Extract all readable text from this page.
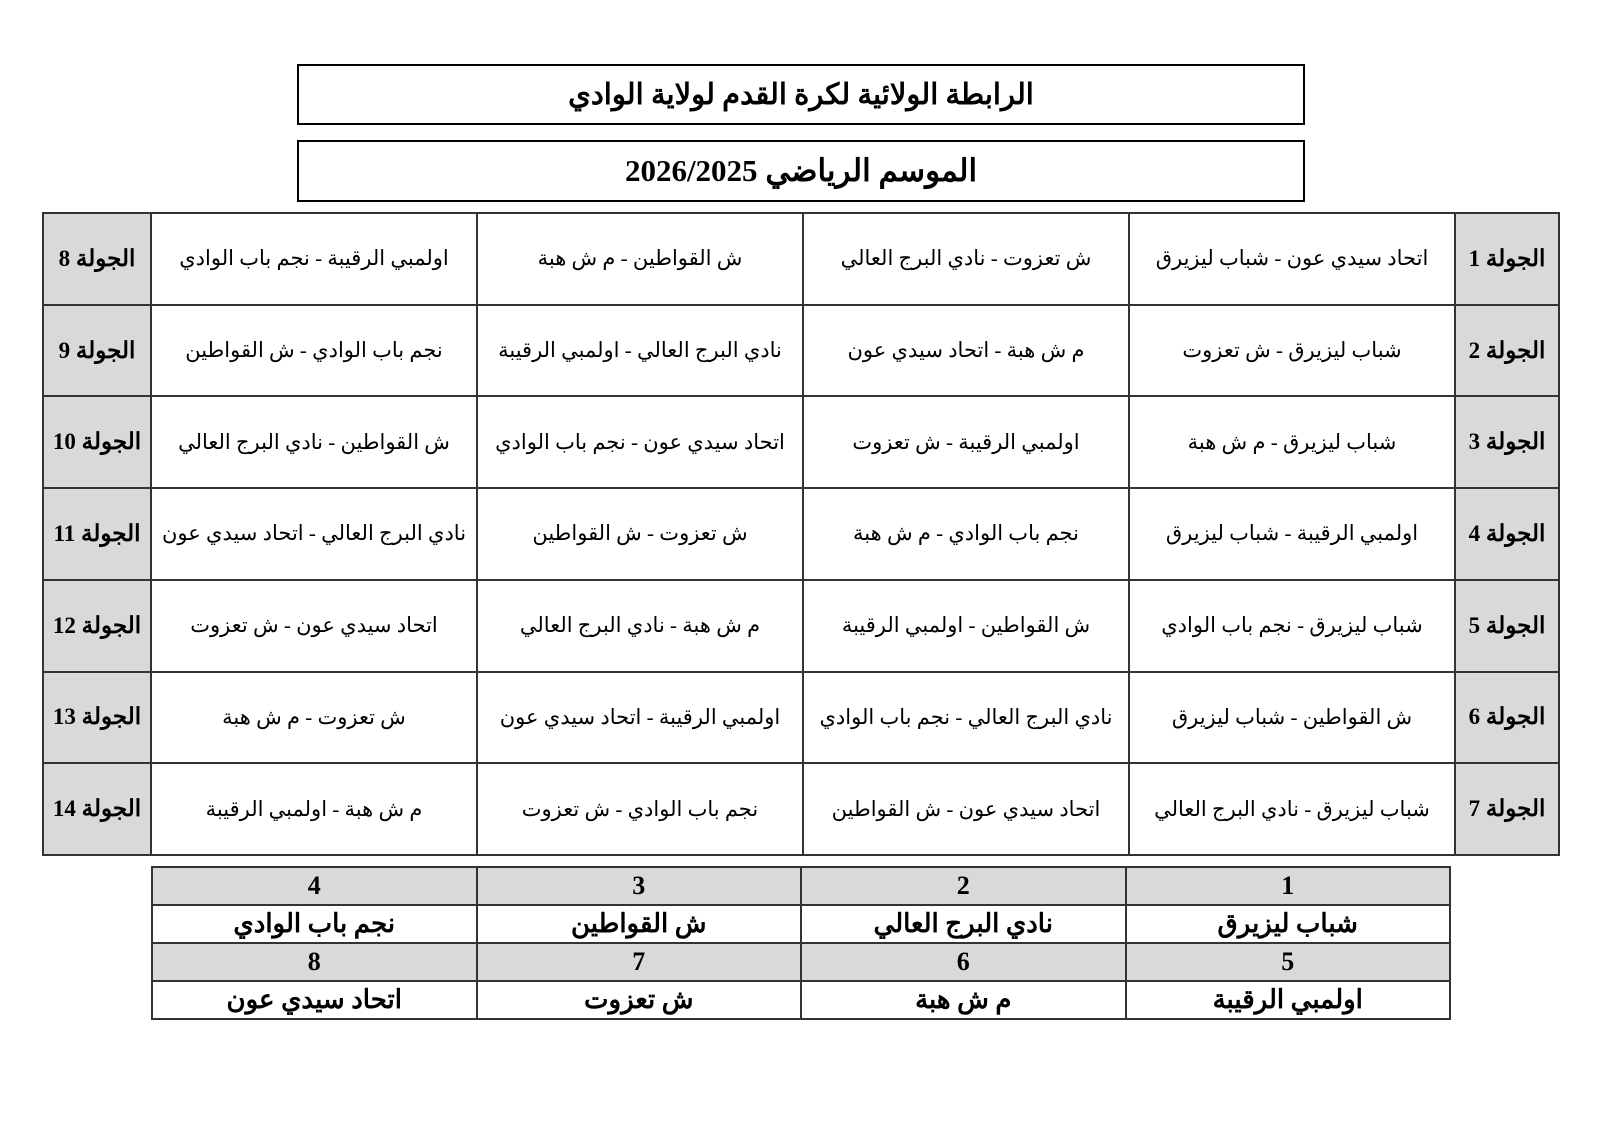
الرابطة الولائية لكرة القدم لولاية الوادي
الموسم الرياضي 2026/2025
الجولة 8	اولمبي الرقيبة - نجم باب الوادي	ش القواطين - م ش هبة	ش تعزوت - نادي البرج العالي	اتحاد سيدي عون - شباب ليزيرق	الجولة 1
الجولة 9	نجم باب الوادي - ش القواطين	نادي البرج العالي - اولمبي الرقيبة	م ش هبة - اتحاد سيدي عون	شباب ليزيرق - ش تعزوت	الجولة 2
الجولة 10	ش القواطين - نادي البرج العالي	اتحاد سيدي عون - نجم باب الوادي	اولمبي الرقيبة - ش تعزوت	شباب ليزيرق - م ش هبة	الجولة 3
الجولة 11	نادي البرج العالي - اتحاد سيدي عون	ش تعزوت - ش القواطين	نجم باب الوادي - م ش هبة	اولمبي الرقيبة - شباب ليزيرق	الجولة 4
الجولة 12	اتحاد سيدي عون - ش تعزوت	م ش هبة - نادي البرج العالي	ش القواطين - اولمبي الرقيبة	شباب ليزيرق - نجم باب الوادي	الجولة 5
الجولة 13	ش تعزوت - م ش هبة	اولمبي الرقيبة - اتحاد سيدي عون	نادي البرج العالي - نجم باب الوادي	ش القواطين - شباب ليزيرق	الجولة 6
الجولة 14	م ش هبة - اولمبي الرقيبة	نجم باب الوادي - ش تعزوت	اتحاد سيدي عون - ش القواطين	شباب ليزيرق - نادي البرج العالي	الجولة 7
4	3	2	1
نجم باب الوادي	ش القواطين	نادي البرج العالي	شباب ليزيرق
8	7	6	5
اتحاد سيدي عون	ش تعزوت	م ش هبة	اولمبي الرقيبة
